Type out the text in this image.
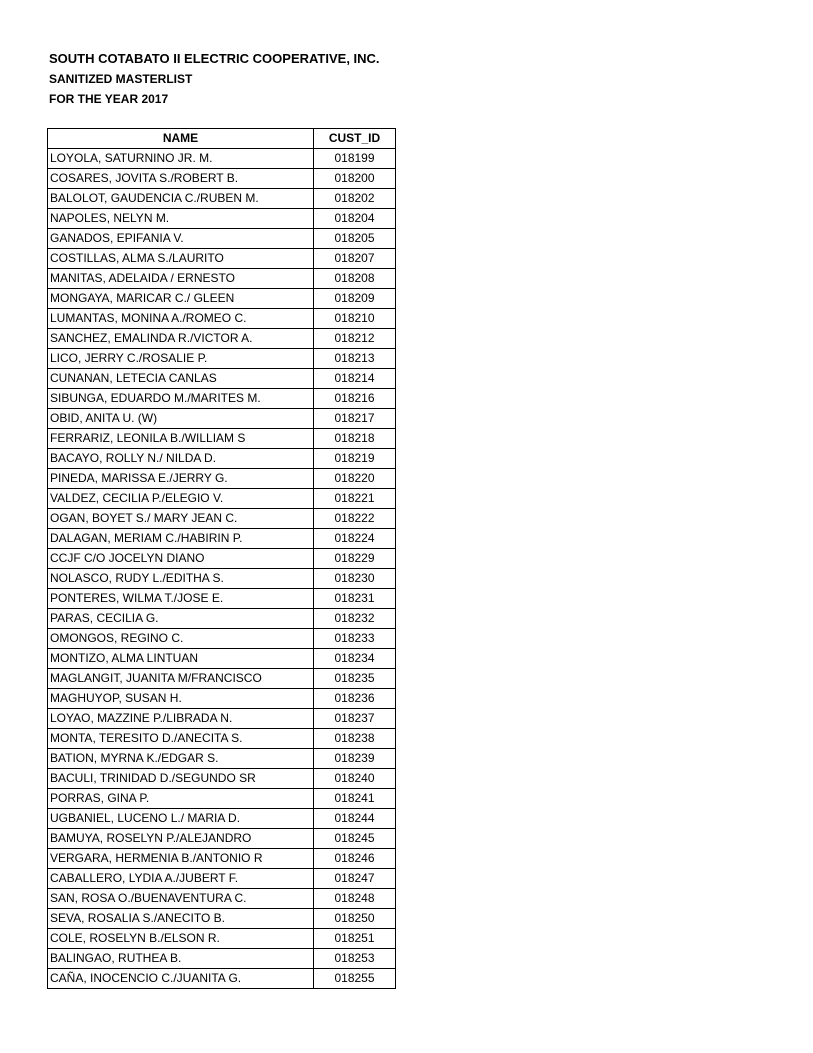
SOUTH COTABATO II ELECTRIC COOPERATIVE, INC.
SANITIZED MASTERLIST
FOR THE YEAR 2017
NAME	CUST_ID
LOYOLA, SATURNINO JR. M.	018199
COSARES, JOVITA S./ROBERT B.	018200
BALOLOT, GAUDENCIA C./RUBEN M.	018202
NAPOLES, NELYN M.	018204
GANADOS, EPIFANIA V.	018205
COSTILLAS, ALMA S./LAURITO	018207
MANITAS, ADELAIDA / ERNESTO	018208
MONGAYA, MARICAR C./ GLEEN	018209
LUMANTAS, MONINA A./ROMEO C.	018210
SANCHEZ, EMALINDA R./VICTOR A.	018212
LICO, JERRY C./ROSALIE P.	018213
CUNANAN, LETECIA CANLAS	018214
SIBUNGA, EDUARDO M./MARITES M.	018216
OBID, ANITA U. (W)	018217
FERRARIZ, LEONILA B./WILLIAM S	018218
BACAYO, ROLLY N./ NILDA D.	018219
PINEDA, MARISSA E./JERRY G.	018220
VALDEZ, CECILIA P./ELEGIO V.	018221
OGAN, BOYET S./ MARY JEAN C.	018222
DALAGAN, MERIAM C./HABIRIN P.	018224
CCJF C/O JOCELYN DIANO	018229
NOLASCO, RUDY L./EDITHA S.	018230
PONTERES, WILMA T./JOSE E.	018231
PARAS, CECILIA G.	018232
OMONGOS, REGINO C.	018233
MONTIZO, ALMA LINTUAN	018234
MAGLANGIT, JUANITA M/FRANCISCO	018235
MAGHUYOP, SUSAN H.	018236
LOYAO, MAZZINE P./LIBRADA N.	018237
MONTA, TERESITO D./ANECITA S.	018238
BATION, MYRNA K./EDGAR S.	018239
BACULI, TRINIDAD D./SEGUNDO SR	018240
PORRAS, GINA P.	018241
UGBANIEL, LUCENO L./ MARIA D.	018244
BAMUYA, ROSELYN P./ALEJANDRO	018245
VERGARA, HERMENIA B./ANTONIO R	018246
CABALLERO, LYDIA A./JUBERT F.	018247
SAN, ROSA O./BUENAVENTURA C.	018248
SEVA, ROSALIA S./ANECITO B.	018250
COLE, ROSELYN B./ELSON R.	018251
BALINGAO, RUTHEA B.	018253
CAÑA, INOCENCIO C./JUANITA G.	018255
